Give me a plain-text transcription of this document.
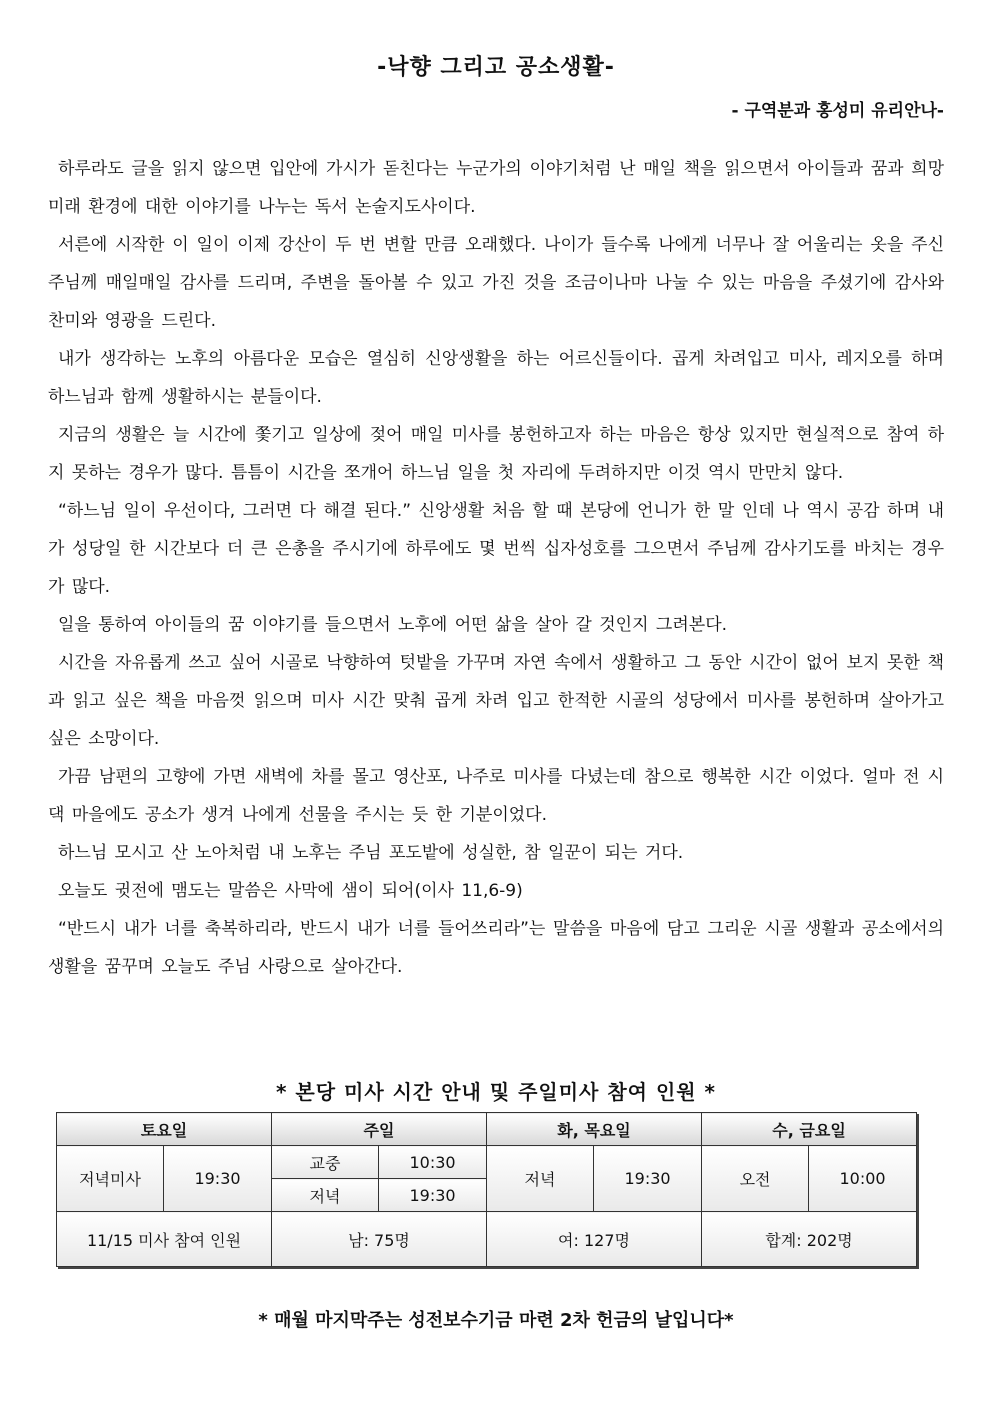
-낙향 그리고 공소생활-
- 구역분과 홍성미 유리안나-

하루라도 글을 읽지 않으면 입안에 가시가 돋친다는 누군가의 이야기처럼 난 매일 책을 읽으면서 아이들과 꿈과 희망 미래 환경에 대한 이야기를 나누는 독서 논술지도사이다.

서른에 시작한 이 일이 이제 강산이 두 번 변할 만큼 오래했다. 나이가 들수록 나에게 너무나 잘 어울리는 옷을 주신 주님께 매일매일 감사를 드리며, 주변을 돌아볼 수 있고 가진 것을 조금이나마 나눌 수 있는 마음을 주셨기에 감사와 찬미와 영광을 드린다.

내가 생각하는 노후의 아름다운 모습은 열심히 신앙생활을 하는 어르신들이다. 곱게 차려입고 미사, 레지오를 하며 하느님과 함께 생활하시는 분들이다.

지금의 생활은 늘 시간에 쫓기고 일상에 젖어 매일 미사를 봉헌하고자 하는 마음은 항상 있지만 현실적으로 참여 하지 못하는 경우가 많다. 틈틈이 시간을 쪼개어 하느님 일을 첫 자리에 두려하지만 이것 역시 만만치 않다.

“하느님 일이 우선이다, 그러면 다 해결 된다.” 신앙생활 처음 할 때 본당에 언니가 한 말 인데 나 역시 공감 하며 내가 성당일 한 시간보다 더 큰 은총을 주시기에 하루에도 몇 번씩 십자성호를 그으면서 주님께 감사기도를 바치는 경우가 많다.

일을 통하여 아이들의 꿈 이야기를 들으면서 노후에 어떤 삶을 살아 갈 것인지 그려본다.

시간을 자유롭게 쓰고 싶어 시골로 낙향하여 텃밭을 가꾸며 자연 속에서 생활하고 그 동안 시간이 없어 보지 못한 책과 읽고 싶은 책을 마음껏 읽으며 미사 시간 맞춰 곱게 차려 입고 한적한 시골의 성당에서 미사를 봉헌하며 살아가고 싶은 소망이다.

가끔 남편의 고향에 가면 새벽에 차를 몰고 영산포, 나주로 미사를 다녔는데 참으로 행복한 시간 이었다. 얼마 전 시댁 마을에도 공소가 생겨 나에게 선물을 주시는 듯 한 기분이었다.

하느님 모시고 산 노아처럼 내 노후는 주님 포도밭에 성실한, 참 일꾼이 되는 거다.

오늘도 귓전에 맴도는 말씀은 사막에 샘이 되어(이사 11,6-9)

“반드시 내가 너를 축복하리라, 반드시 내가 너를 들어쓰리라”는 말씀을 마음에 담고 그리운 시골 생활과 공소에서의 생활을 꿈꾸며 오늘도 주님 사랑으로 살아간다.

* 본당 미사 시간 안내 및 주일미사 참여 인원 *
토요일		주일		화, 목요일		수, 금요일	
저녁미사	19:30	교중	10:30	저녁	19:30	오전	10:00
		저녁	19:30				
11/15 미사 참여 인원		남: 75명		여: 127명		합계: 202명	
* 매월 마지막주는 성전보수기금 마련 2차 헌금의 날입니다*
